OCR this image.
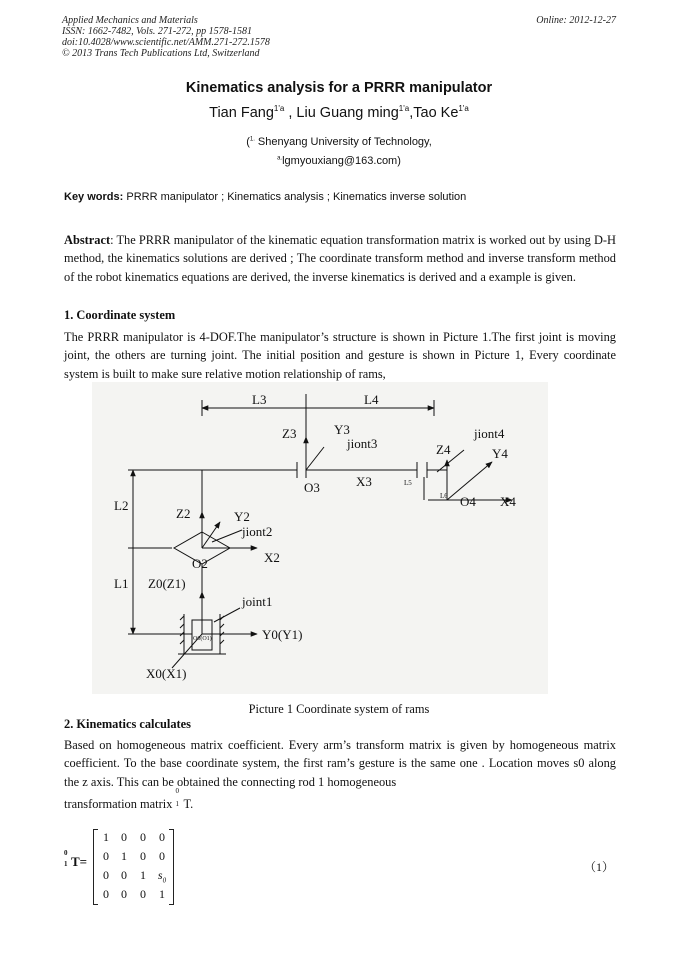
Applied Mechanics and Materials
ISSN: 1662-7482, Vols. 271-272, pp 1578-1581
doi:10.4028/www.scientific.net/AMM.271-272.1578
© 2013 Trans Tech Publications Ltd, Switzerland
Online: 2012-12-27
Kinematics analysis for a PRRR manipulator
Tian Fang$^{1'a}$ , Liu Guang ming$^{1'a}$,Tao $Ke^{1'a}$
($^{1.}$ Shenyang University of Technology,
$^{a.}$lgmyouxiang@163.com)
Key words: PRRR manipulator ; Kinematics analysis ; Kinematics inverse solution
Abstract: The PRRR manipulator of the kinematic equation transformation matrix is worked out by using D-H method, the kinematics solutions are derived ; The coordinate transform method and inverse transform method of the robot kinematics equations are derived, the inverse kinematics is derived and a example is given.
1. Coordinate system
The PRRR manipulator is 4-DOF.The manipulator’s structure is shown in Picture 1.The first joint is moving joint, the others are turning joint. The initial position and gesture is shown in Picture 1, Every coordinate system is built to make sure relative motion relationship of rams,
L3	L4
Z3	Y3
jiont3
O3	X3
Z4
jiont4
Y4
L5
L6 O4 X4
L2
Z2	Y2
jiont2
X2
O2
L1 Z0(Z1)
joint1
O0(O1)	Y0(Y1)
X0(X1)
Picture 1 Coordinate system of rams
2. Kinematics calculates
Based on homogeneous matrix coefficient. Every arm’s transform matrix is given by homogeneous matrix coefficient. To the base coordinate system, the first ram’s gesture is the same one . Location moves s0 along the z axis. This can be obtained the connecting rod 1 homogeneous
transformation matrix
0
1 T.
0
1 T=
1	0	0	0
0	1	0	0
0	0	1 $s_0$
0	0	0	1
（1）
